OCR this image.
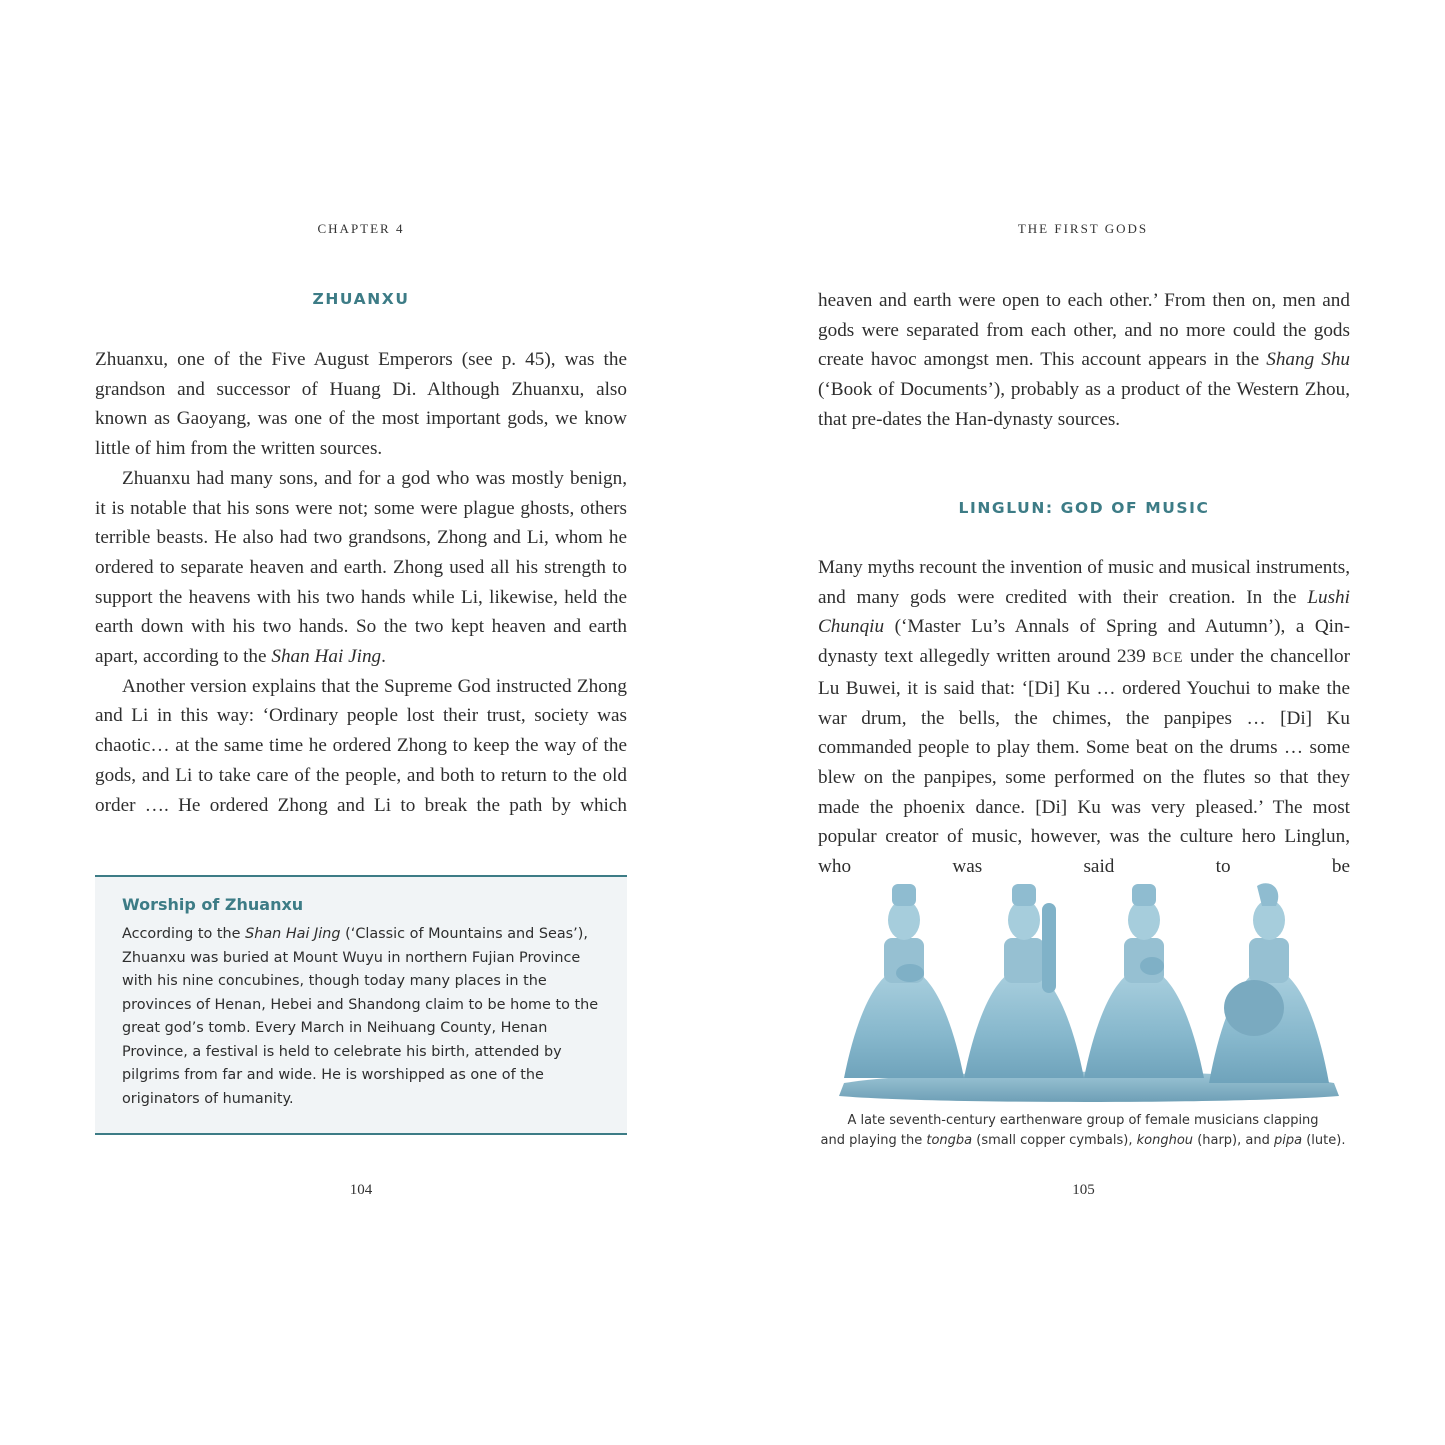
CHAPTER 4
ZHUANXU

Zhuanxu, one of the Five August Emperors (see p. 45), was the grandson and successor of Huang Di. Although Zhuanxu, also known as Gaoyang, was one of the most important gods, we know little of him from the written sources.

Zhuanxu had many sons, and for a god who was mostly benign, it is notable that his sons were not; some were plague ghosts, others terrible beasts. He also had two grandsons, Zhong and Li, whom he ordered to separate heaven and earth. Zhong used all his strength to support the heavens with his two hands while Li, likewise, held the earth down with his two hands. So the two kept heaven and earth apart, according to the Shan Hai Jing.

Another version explains that the Supreme God instructed Zhong and Li in this way: ‘Ordinary people lost their trust, society was chaotic… at the same time he ordered Zhong to keep the way of the gods, and Li to take care of the people, and both to return to the old order …. He ordered Zhong and Li to break the path by which

Worship of Zhuanxu

According to the Shan Hai Jing (‘Classic of Mountains and Seas’), Zhuanxu was buried at Mount Wuyu in northern Fujian Province with his nine concubines, though today many places in the provinces of Henan, Hebei and Shandong claim to be home to the great god’s tomb. Every March in Neihuang County, Henan Province, a festival is held to celebrate his birth, attended by pilgrims from far and wide. He is worshipped as one of the originators of humanity.

104
THE FIRST GODS

heaven and earth were open to each other.’ From then on, men and gods were separated from each other, and no more could the gods create havoc amongst men. This account appears in the Shang Shu (‘Book of Documents’), probably as a product of the Western Zhou, that pre-dates the Han-dynasty sources.

LINGLUN: GOD OF MUSIC

Many myths recount the invention of music and musical instruments, and many gods were credited with their creation. In the Lushi Chunqiu (‘Master Lu’s Annals of Spring and Autumn’), a Qin-dynasty text allegedly written around 239 BCE under the chancellor Lu Buwei, it is said that: ‘[Di] Ku … ordered Youchui to make the war drum, the bells, the chimes, the panpipes … [Di] Ku commanded people to play them. Some beat on the drums … some blew on the panpipes, some performed on the flutes so that they made the phoenix dance. [Di] Ku was very pleased.’ The most popular creator of music, however, was the culture hero Linglun, who was said to be

A late seventh-century earthenware group of female musicians clapping
and playing the tongba (small copper cymbals), konghou (harp), and pipa (lute).

105
